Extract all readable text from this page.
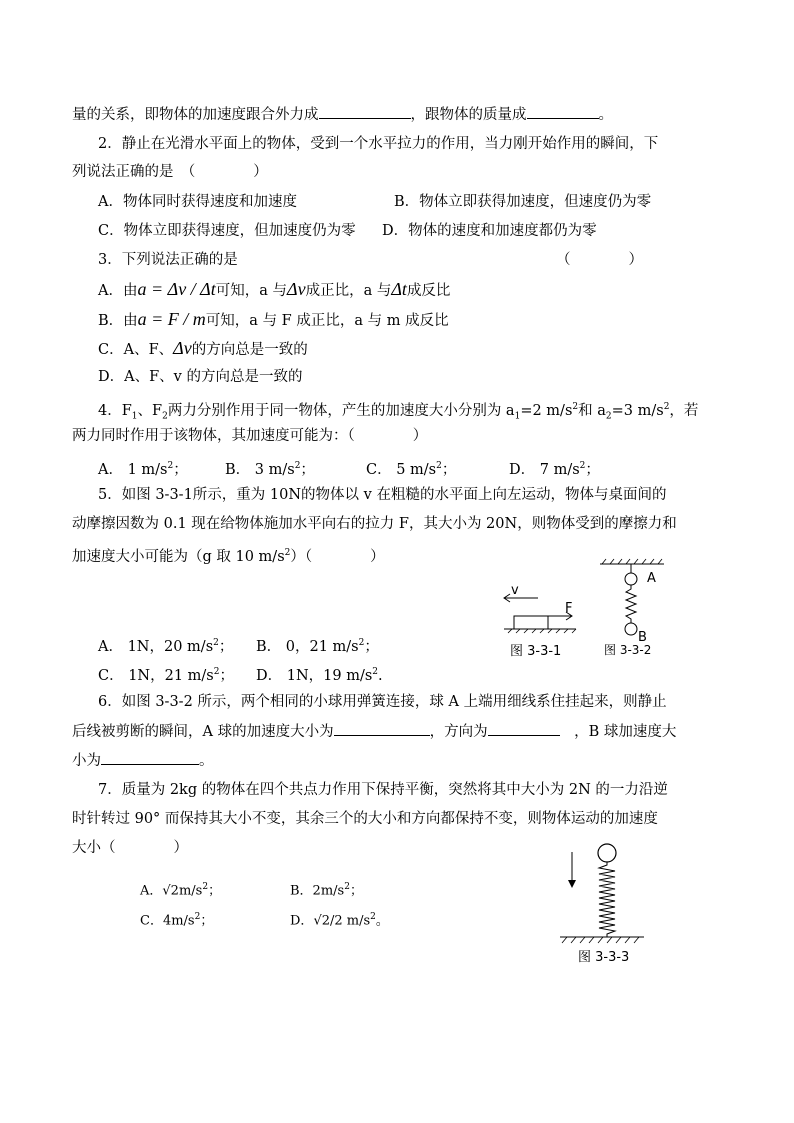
量的关系，即物体的加速度跟合外力成	，跟物体的质量成	。
2．静止在光滑水平面上的物体，受到一个水平拉力的作用，当力刚开始作用的瞬间，下
列说法正确的是　（　　　　）
A．物体同时获得速度和加速度	B．物体立即获得加速度，但速度仍为零
C．物体立即获得速度，但加速度仍为零 D．物体的速度和加速度都仍为零
3．下列说法正确的是	（　　　　）
A．由a = Δv / Δt可知，a 与Δv成正比，a 与Δt成反比
B．由a = F / m可知，a 与 F 成正比，a 与 m 成反比
C．A、F、Δv的方向总是一致的
D．A、F、v 的方向总是一致的
4．$F_1$、$F_2$两力分别作用于同一物体，产生的加速度大小分别为 $a_1=2$ $m/s^2$和 $a_2=3$ $m/s^2$，若
两力同时作用于该物体，其加速度可能为：（　　　　）
A． 1 $m/s^2$；	B． 3 $m/s^2$；	C． 5 $m/s^2$；	D． 7 $m/s^2$；
5．如图 3-3-1所示，重为 10N的物体以 v 在粗糙的水平面上向左运动，物体与桌面间的
动摩擦因数为 0.1 现在给物体施加水平向右的拉力 F，其大小为 20N，则物体受到的摩擦力和
加速度大小可能为（g 取 10 $m/s^2$）（　　　　）
A． 1N，20 $m/s^2$； B． 0，21 $m/s^2$；
C． 1N，21 $m/s^2$； D． 1N，19 $m/s^2$.
v
F
图 3-3-1
A
B
图 3-3-2
6．如图 3-3-2 所示，两个相同的小球用弹簧连接，球 A 上端用细线系住挂起来，则静止
后线被剪断的瞬间，A 球的加速度大小为	，方向为	　，B 球加速度大
小为	。
7．质量为 2kg 的物体在四个共点力作用下保持平衡，突然将其中大小为 2N 的一力沿逆
时针转过 90° 而保持其大小不变，其余三个的大小和方向都保持不变，则物体运动的加速度
大小（　　　　）
A．$√2m/s^2$；	B．$2m/s^2$；
C．$4m/s^2$；	D．√2/2 $m/s^2$。
图 3-3-3
